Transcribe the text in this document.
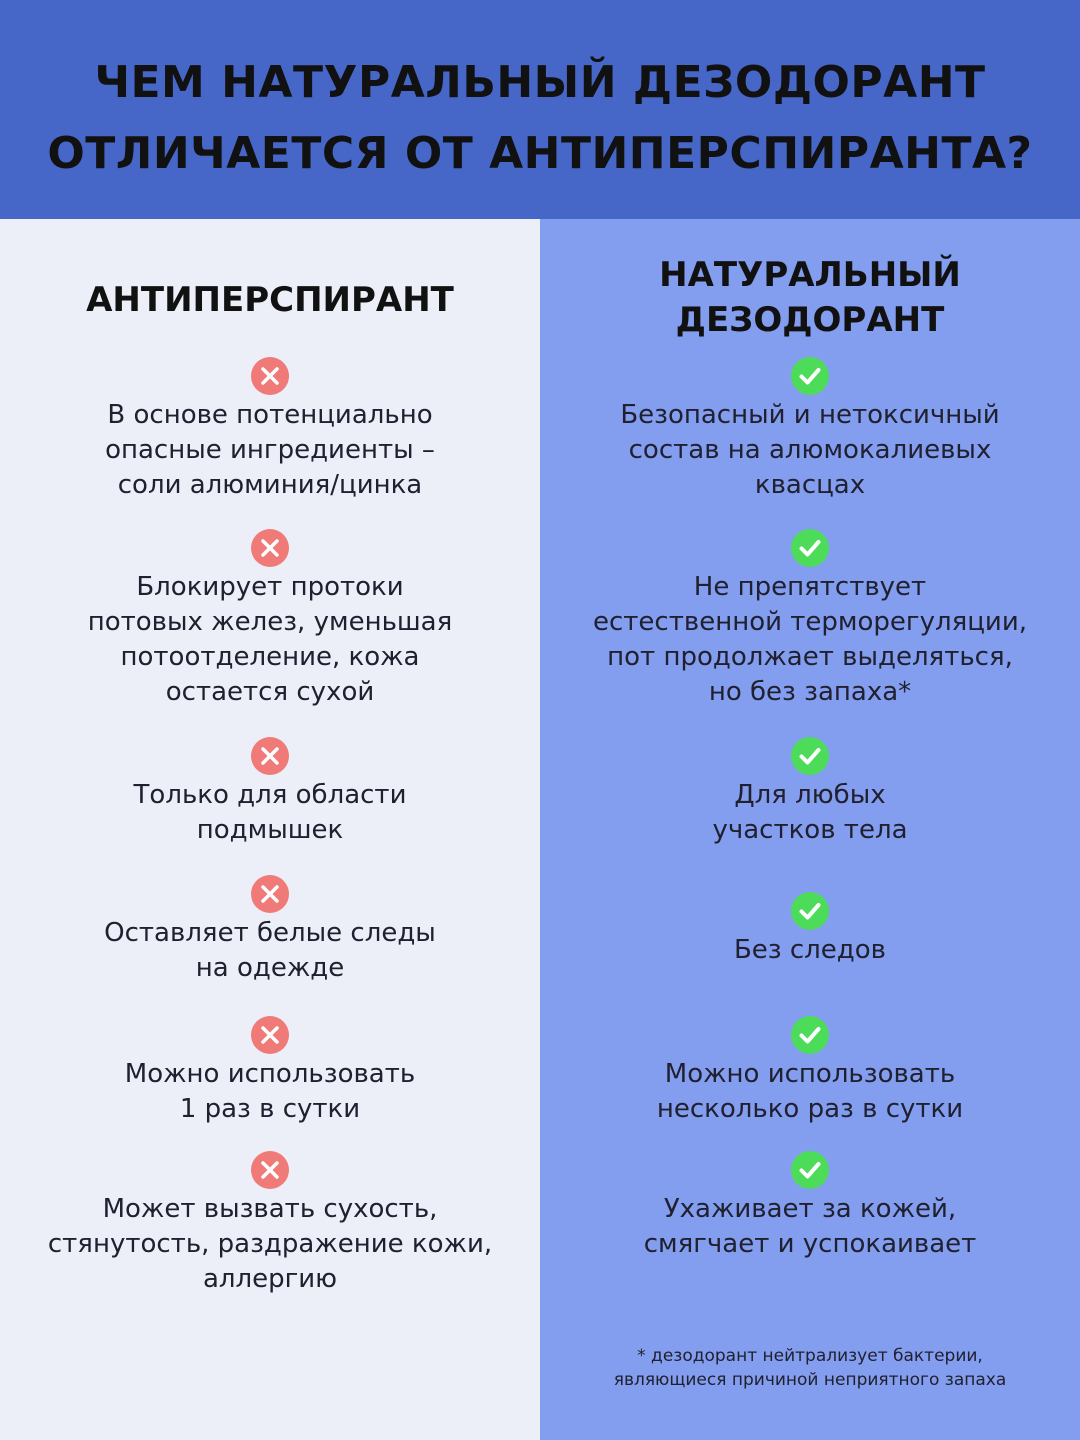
ЧЕМ НАТУРАЛЬНЫЙ ДЕЗОДОРАНТ
ОТЛИЧАЕТСЯ ОТ АНТИПЕРСПИРАНТА?
АНТИПЕРСПИРАНТ
В основе потенциально
опасные ингредиенты –
соли алюминия/цинка
Блокирует протоки
потовых желез, уменьшая
потоотделение, кожа
остается сухой
Только для области
подмышек
Оставляет белые следы
на одежде
Можно использовать
1 раз в сутки
Может вызвать сухость,
стянутость, раздражение кожи,
аллергию
НАТУРАЛЬНЫЙ
ДЕЗОДОРАНТ
Безопасный и нетоксичный
состав на алюмокалиевых
квасцах
Не препятствует
естественной терморегуляции,
пот продолжает выделяться,
но без запаха*
Для любых
участков тела
Без следов
Можно использовать
несколько раз в сутки
Ухаживает за кожей,
смягчает и успокаивает
* дезодорант нейтрализует бактерии,
являющиеся причиной неприятного запаха
